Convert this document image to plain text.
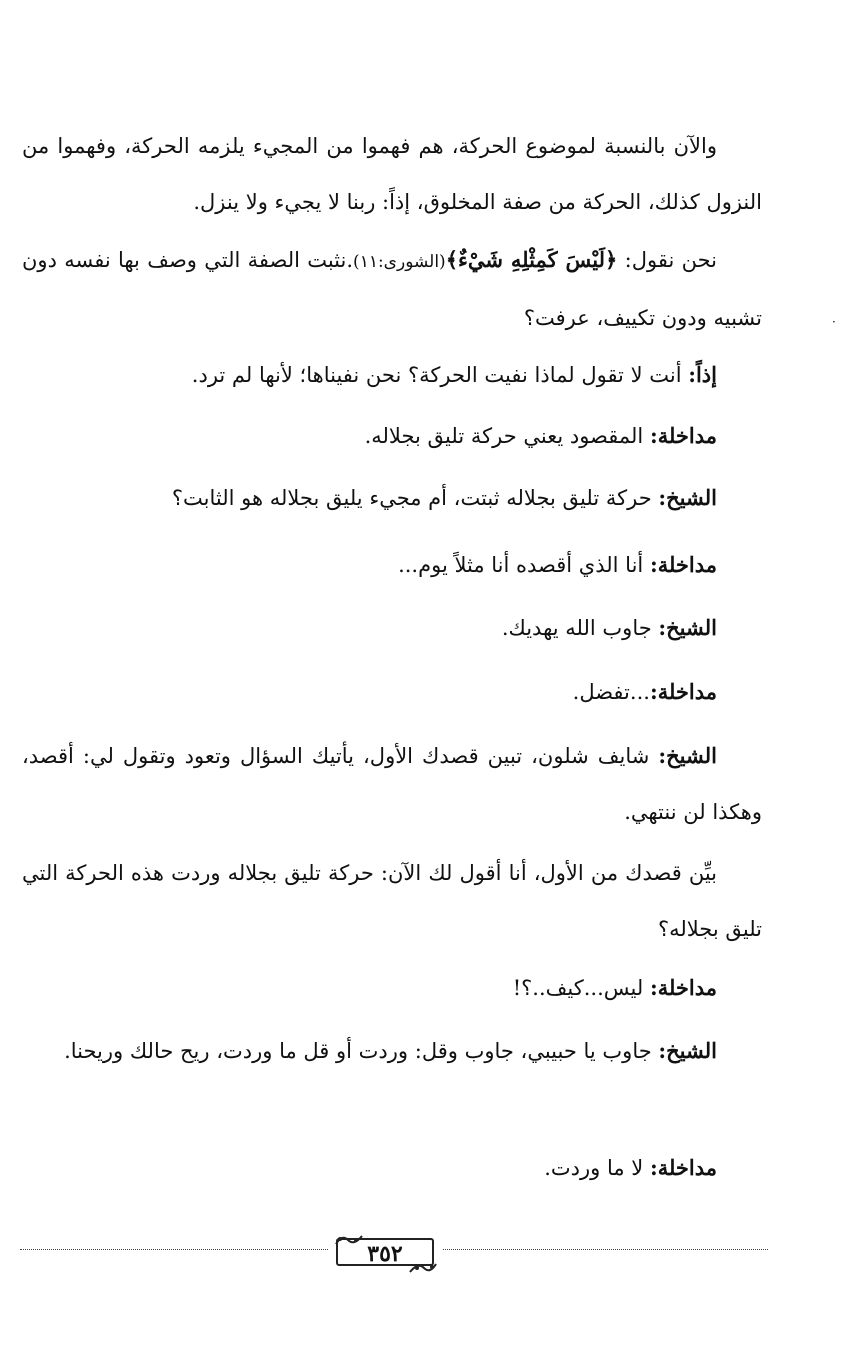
والآن بالنسبة لموضوع الحركة، هم فهموا من المجيء يلزمه الحركة، وفهموا من النزول كذلك، الحركة من صفة المخلوق، إذاً: ربنا لا يجيء ولا ينزل.

نحن نقول: ﴿لَيْسَ كَمِثْلِهِ شَيْءٌ﴾(الشورى:١١).نثبت الصفة التي وصف بها نفسه دون تشبيه ودون تكييف، عرفت؟

إذاً: أنت لا تقول لماذا نفيت الحركة؟ نحن نفيناها؛ لأنها لم ترد.

مداخلة: المقصود يعني حركة تليق بجلاله.

الشيخ: حركة تليق بجلاله ثبتت، أم مجيء يليق بجلاله هو الثابت؟

مداخلة: أنا الذي أقصده أنا مثلاً يوم...

الشيخ: جاوب الله يهديك.

مداخلة:...تفضل.

الشيخ: شايف شلون، تبين قصدك الأول، يأتيك السؤال وتعود وتقول لي: أقصد، وهكذا لن ننتهي.

بيِّن قصدك من الأول، أنا أقول لك الآن: حركة تليق بجلاله وردت هذه الحركة التي تليق بجلاله؟

مداخلة: ليس...كيف..؟!

الشيخ: جاوب يا حبيبي، جاوب وقل: وردت أو قل ما وردت، ريح حالك وريحنا.

مداخلة: لا ما وردت.

·
٣٥٢
